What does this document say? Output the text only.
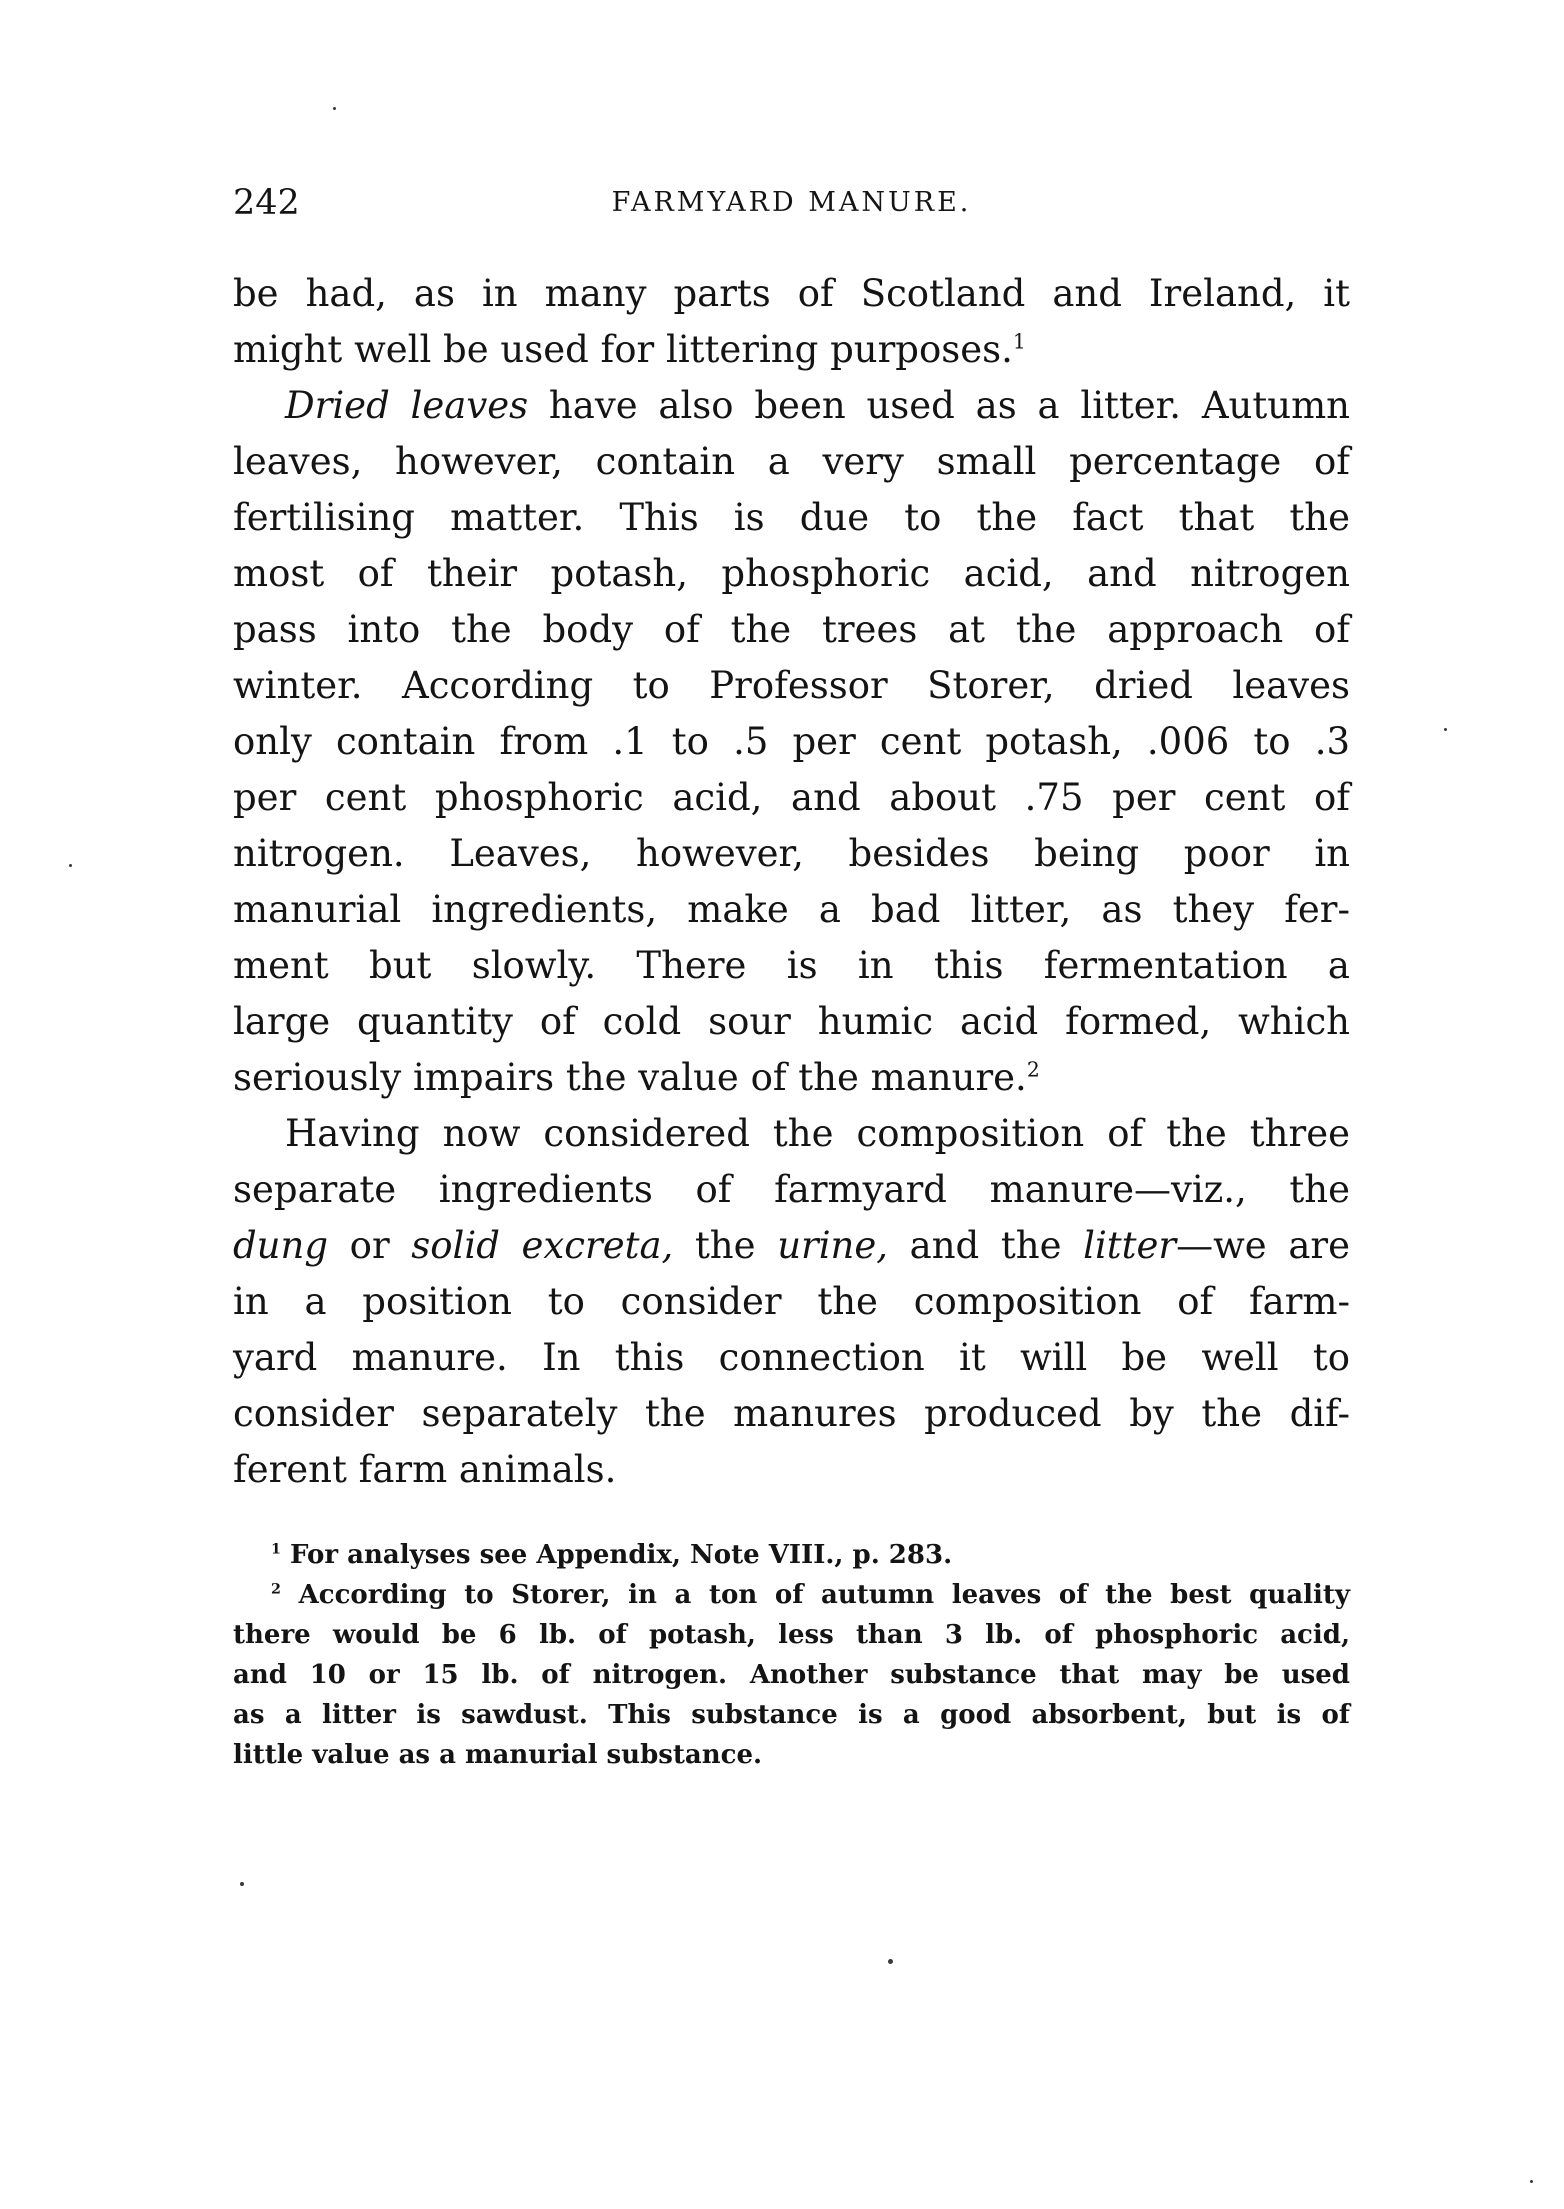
242	FARMYARD MANURE.
be had, as in many parts of Scotland and Ireland, it
might well be used for littering purposes.$^1$
Dried leaves have also been used as a litter. Autumn
leaves, however, contain a very small percentage of
fertilising matter. This is due to the fact that the
most of their potash, phosphoric acid, and nitrogen
pass into the body of the trees at the approach of
winter. According to Professor Storer, dried leaves
only contain from .1 to .5 per cent potash, .006 to .3
per cent phosphoric acid, and about .75 per cent of
nitrogen. Leaves, however, besides being poor in
manurial ingredients, make a bad litter, as they fer-
ment but slowly. There is in this fermentation a
large quantity of cold sour humic acid formed, which
seriously impairs the value of the manure.$^2$
Having now considered the composition of the three
separate ingredients of farmyard manure—viz., the
dung or solid excreta, the urine, and the litter—we are
in a position to consider the composition of farm-
yard manure. In this connection it will be well to
consider separately the manures produced by the dif-
ferent farm animals.
$^1$ For analyses see Appendix, Note VIII., p. 283.
$^2$ According to Storer, in a ton of autumn leaves of the best quality
there would be 6 lb. of potash, less than 3 lb. of phosphoric acid,
and 10 or 15 lb. of nitrogen. Another substance that may be used
as a litter is sawdust. This substance is a good absorbent, but is of
little value as a manurial substance.
